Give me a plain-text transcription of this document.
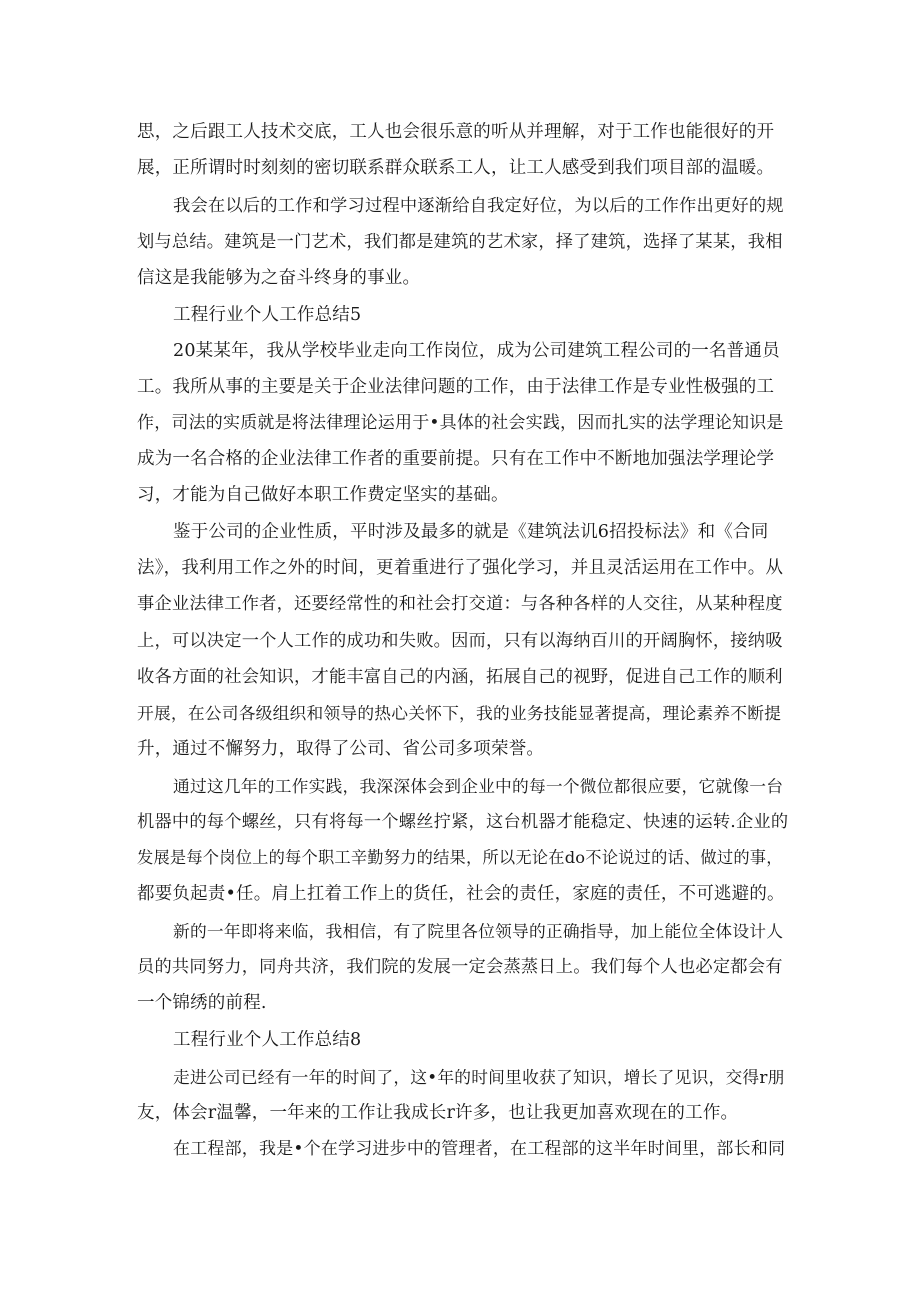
思，之后跟工人技术交底，工人也会很乐意的听从并理解，对于工作也能很好的开
展，正所谓时时刻刻的密切联系群众联系工人，让工人感受到我们项目部的温暖。
我会在以后的工作和学习过程中逐渐给自我定好位，为以后的工作作出更好的规
划与总结。建筑是一门艺术，我们都是建筑的艺术家，择了建筑，选择了某某，我相
信这是我能够为之奋斗终身的事业。
工程行业个人工作总结5
20某某年，我从学校毕业走向工作岗位，成为公司建筑工程公司的一名普通员
工。我所从事的主要是关于企业法律问题的工作，由于法律工作是专业性极强的工
作，司法的实质就是将法律理论运用于•具体的社会实践，因而扎实的法学理论知识是
成为一名合格的企业法律工作者的重要前提。只有在工作中不断地加强法学理论学
习，才能为自己做好本职工作费定坚实的基础。
鉴于公司的企业性质，平时涉及最多的就是《建筑法讥6招投标法》和《合同
法》，我利用工作之外的时间，更着重进行了强化学习，并且灵活运用在工作中。从
事企业法律工作者，还要经常性的和社会打交道：与各种各样的人交往，从某种程度
上，可以决定一个人工作的成功和失败。因而，只有以海纳百川的开阔胸怀，接纳吸
收各方面的社会知识，才能丰富自己的内涵，拓展自己的视野，促进自己工作的顺利
开展，在公司各级组织和领导的热心关怀下，我的业务技能显著提高，理论素养不断提
升，通过不懈努力，取得了公司、省公司多项荣誉。
通过这几年的工作实践，我深深体会到企业中的每一个微位都很应要，它就像一台
机器中的每个螺丝，只有将每一个螺丝拧紧，这台机器才能稳定、快速的运转.企业的
发展是每个岗位上的每个职工辛勤努力的结果，所以无论在do不论说过的话、做过的事，
都要负起责•任。肩上扛着工作上的货任，社会的责任，家庭的责任，不可逃避的。
新的一年即将来临，我相信，有了院里各位领导的正确指导，加上能位全体设计人
员的共同努力，同舟共济，我们院的发展一定会蒸蒸日上。我们每个人也必定都会有
一个锦绣的前程.
工程行业个人工作总结8
走进公司已经有一年的时间了，这•年的时间里收获了知识，增长了见识，交得r朋
友，体会r温馨，一年来的工作让我成长r许多，也让我更加喜欢现在的工作。
在工程部，我是•个在学习进步中的管理者，在工程部的这半年时间里，部长和同
